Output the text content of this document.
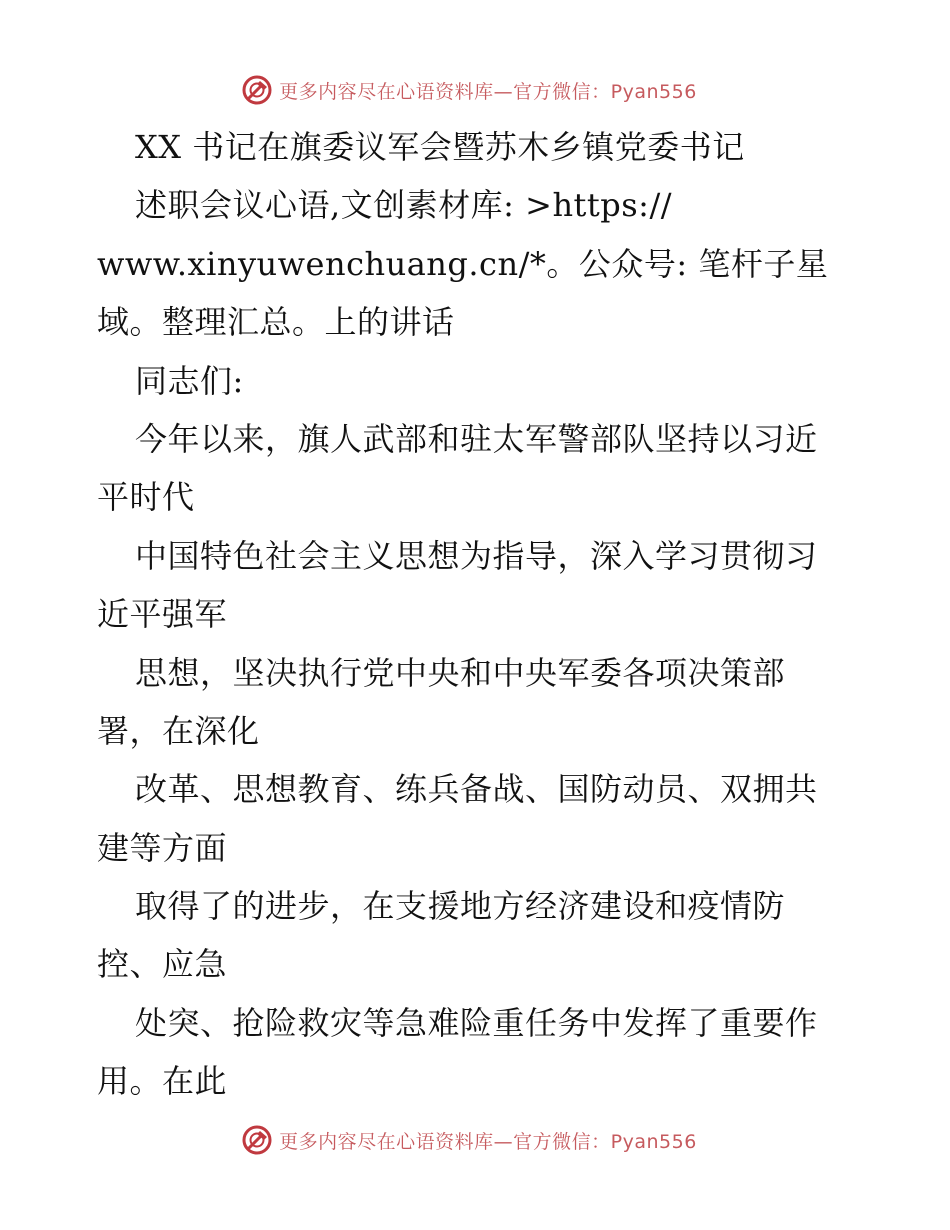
更多内容尽在心语资料库—官方微信：Pyan556
XX 书记在旗委议军会暨苏木乡镇党委书记
述职会议心语,文创素材库: >https://
www.xinyuwenchuang.cn/*。公众号: 笔杆子星
域。整理汇总。上的讲话
同志们:
今年以来，旗人武部和驻太军警部队坚持以习近
平时代
中国特色社会主义思想为指导，深入学习贯彻习
近平强军
思想，坚决执行党中央和中央军委各项决策部
署，在深化
改革、思想教育、练兵备战、国防动员、双拥共
建等方面
取得了的进步，在支援地方经济建设和疫情防
控、应急
处突、抢险救灾等急难险重任务中发挥了重要作
用。在此
更多内容尽在心语资料库—官方微信：Pyan556
